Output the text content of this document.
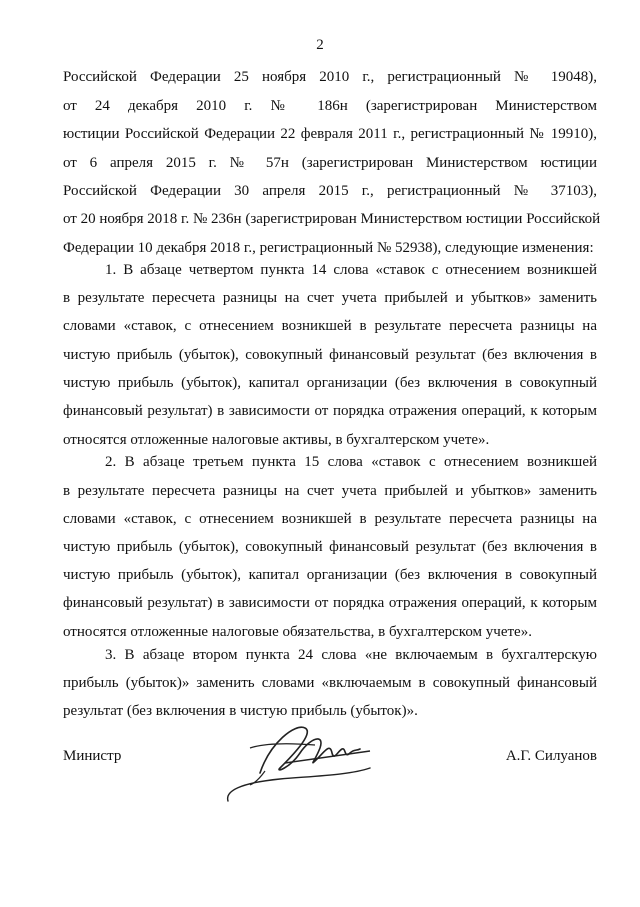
2
Российской Федерации 25 ноября 2010 г., регистрационный № 19048),
от 24 декабря 2010 г. № 186н (зарегистрирован Министерством
юстиции Российской Федерации 22 февраля 2011 г., регистрационный № 19910),
от 6 апреля 2015 г. № 57н (зарегистрирован Министерством юстиции
Российской Федерации 30 апреля 2015 г., регистрационный № 37103),
от 20 ноября 2018 г. № 236н (зарегистрирован Министерством юстиции Российской
Федерации 10 декабря 2018 г., регистрационный № 52938), следующие изменения:
1. В абзаце четвертом пункта 14 слова «ставок с отнесением возникшей
в результате пересчета разницы на счет учета прибылей и убытков» заменить
словами «ставок, с отнесением возникшей в результате пересчета разницы на
чистую прибыль (убыток), совокупный финансовый результат (без включения в
чистую прибыль (убыток), капитал организации (без включения в совокупный
финансовый результат) в зависимости от порядка отражения операций, к которым
относятся отложенные налоговые активы, в бухгалтерском учете».
2. В абзаце третьем пункта 15 слова «ставок с отнесением возникшей
в результате пересчета разницы на счет учета прибылей и убытков» заменить
словами «ставок, с отнесением возникшей в результате пересчета разницы на
чистую прибыль (убыток), совокупный финансовый результат (без включения в
чистую прибыль (убыток), капитал организации (без включения в совокупный
финансовый результат) в зависимости от порядка отражения операций, к которым
относятся отложенные налоговые обязательства, в бухгалтерском учете».
3. В абзаце втором пункта 24 слова «не включаемым в бухгалтерскую
прибыль (убыток)» заменить словами «включаемым в совокупный финансовый
результат (без включения в чистую прибыль (убыток)».
Министр	А.Г. Силуанов
